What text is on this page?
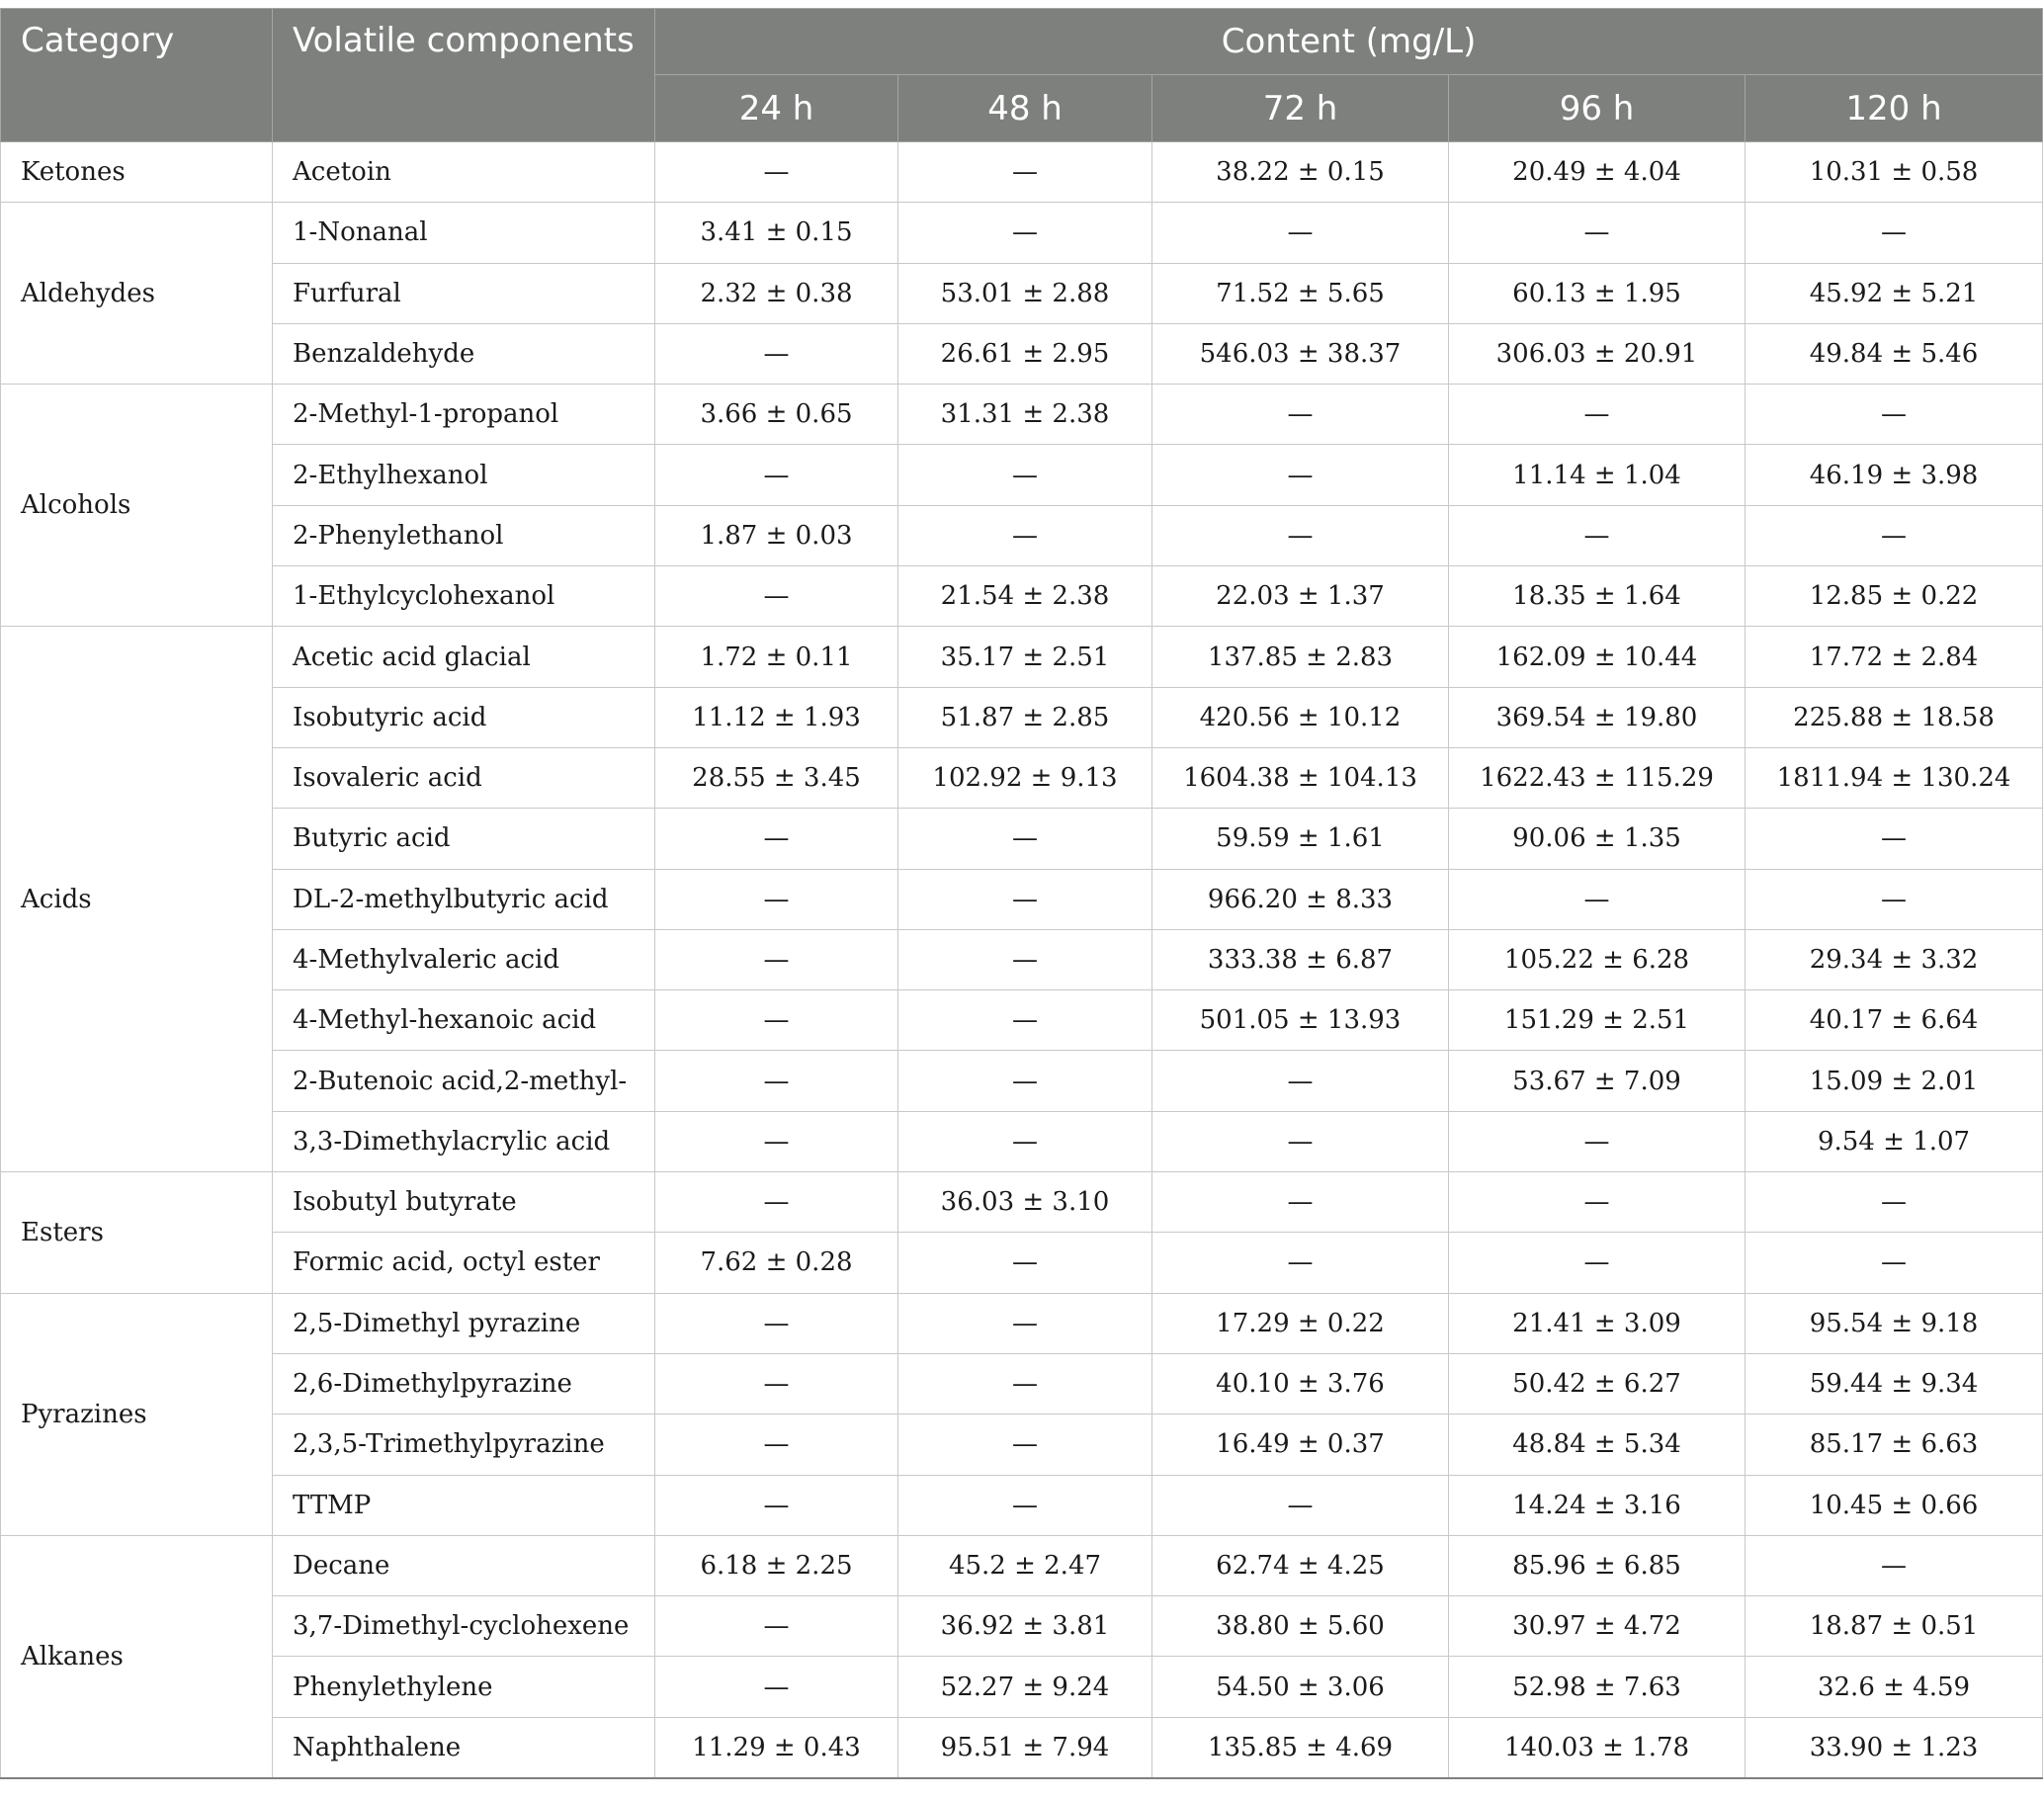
Category	Volatile components	Content (mg/L)				
		24 h	48 h	72 h	96 h	120 h
Ketones	Acetoin	—	—	38.22 ± 0.15	20.49 ± 4.04	10.31 ± 0.58
Aldehydes	1-Nonanal	3.41 ± 0.15	—	—	—	—
	Furfural	2.32 ± 0.38	53.01 ± 2.88	71.52 ± 5.65	60.13 ± 1.95	45.92 ± 5.21
	Benzaldehyde	—	26.61 ± 2.95	546.03 ± 38.37	306.03 ± 20.91	49.84 ± 5.46
Alcohols	2-Methyl-1-propanol	3.66 ± 0.65	31.31 ± 2.38	—	—	—
	2-Ethylhexanol	—	—	—	11.14 ± 1.04	46.19 ± 3.98
	2-Phenylethanol	1.87 ± 0.03	—	—	—	—
	1-Ethylcyclohexanol	—	21.54 ± 2.38	22.03 ± 1.37	18.35 ± 1.64	12.85 ± 0.22
Acids	Acetic acid glacial	1.72 ± 0.11	35.17 ± 2.51	137.85 ± 2.83	162.09 ± 10.44	17.72 ± 2.84
	Isobutyric acid	11.12 ± 1.93	51.87 ± 2.85	420.56 ± 10.12	369.54 ± 19.80	225.88 ± 18.58
	Isovaleric acid	28.55 ± 3.45	102.92 ± 9.13	1604.38 ± 104.13	1622.43 ± 115.29	1811.94 ± 130.24
	Butyric acid	—	—	59.59 ± 1.61	90.06 ± 1.35	—
	DL-2-methylbutyric acid	—	—	966.20 ± 8.33	—	—
	4-Methylvaleric acid	—	—	333.38 ± 6.87	105.22 ± 6.28	29.34 ± 3.32
	4-Methyl-hexanoic acid	—	—	501.05 ± 13.93	151.29 ± 2.51	40.17 ± 6.64
	2-Butenoic acid,2-methyl-	—	—	—	53.67 ± 7.09	15.09 ± 2.01
	3,3-Dimethylacrylic acid	—	—	—	—	9.54 ± 1.07
Esters	Isobutyl butyrate	—	36.03 ± 3.10	—	—	—
	Formic acid, octyl ester	7.62 ± 0.28	—	—	—	—
Pyrazines	2,5-Dimethyl pyrazine	—	—	17.29 ± 0.22	21.41 ± 3.09	95.54 ± 9.18
	2,6-Dimethylpyrazine	—	—	40.10 ± 3.76	50.42 ± 6.27	59.44 ± 9.34
	2,3,5-Trimethylpyrazine	—	—	16.49 ± 0.37	48.84 ± 5.34	85.17 ± 6.63
	TTMP	—	—	—	14.24 ± 3.16	10.45 ± 0.66
Alkanes	Decane	6.18 ± 2.25	45.2 ± 2.47	62.74 ± 4.25	85.96 ± 6.85	—
	3,7-Dimethyl-cyclohexene	—	36.92 ± 3.81	38.80 ± 5.60	30.97 ± 4.72	18.87 ± 0.51
	Phenylethylene	—	52.27 ± 9.24	54.50 ± 3.06	52.98 ± 7.63	32.6 ± 4.59
	Naphthalene	11.29 ± 0.43	95.51 ± 7.94	135.85 ± 4.69	140.03 ± 1.78	33.90 ± 1.23
